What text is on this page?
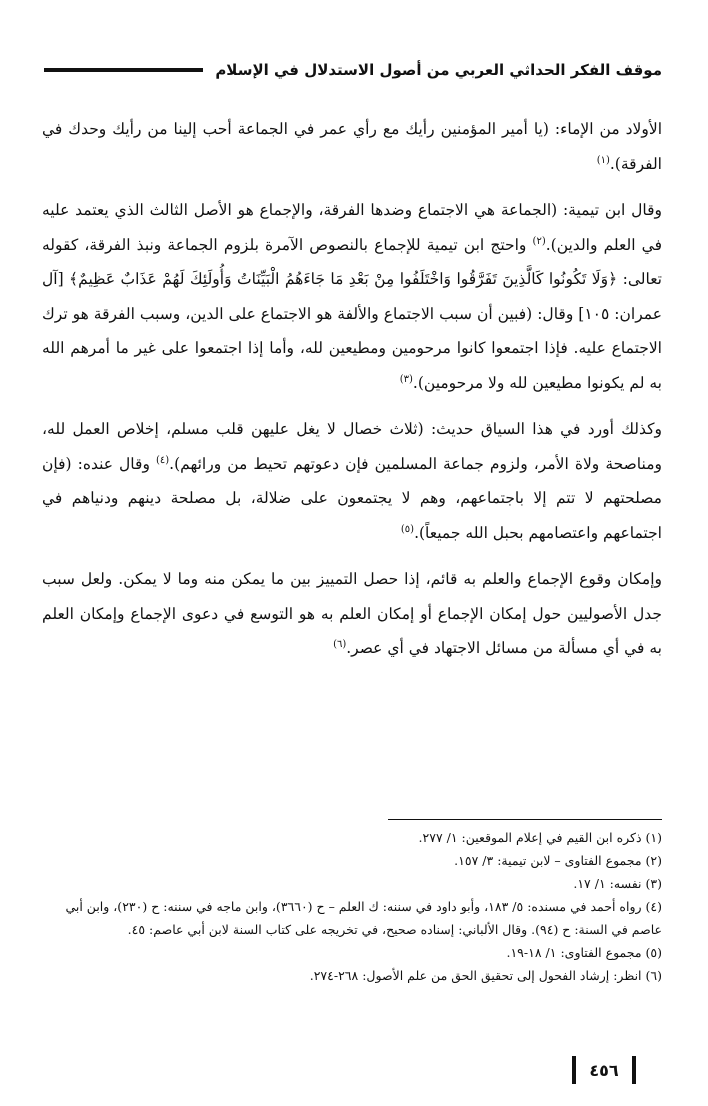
موقف الفكر الحداثي العربي من أصول الاستدلال في الإسلام

الأولاد من الإماء: (يا أمير المؤمنين رأيك مع رأي عمر في الجماعة أحب إلينا من رأيك وحدك في الفرقة).$^{(١)}$

وقال ابن تيمية: (الجماعة هي الاجتماع وضدها الفرقة، والإجماع هو الأصل الثالث الذي يعتمد عليه في العلم والدين).$^{(٢)}$ واحتج ابن تيمية للإجماع بالنصوص الآمرة بلزوم الجماعة ونبذ الفرقة، كقوله تعالى: ﴿وَلَا تَكُونُوا كَالَّذِينَ تَفَرَّقُوا وَاخْتَلَفُوا مِنْ بَعْدِ مَا جَاءَهُمُ الْبَيِّنَاتُ وَأُولَئِكَ لَهُمْ عَذَابٌ عَظِيمٌ﴾ [آل عمران: ١٠٥] وقال: (فبين أن سبب الاجتماع والألفة هو الاجتماع على الدين، وسبب الفرقة هو ترك الاجتماع عليه. فإذا اجتمعوا كانوا مرحومين ومطيعين لله، وأما إذا اجتمعوا على غير ما أمرهم الله به لم يكونوا مطيعين لله ولا مرحومين).$^{(٣)}$

وكذلك أورد في هذا السياق حديث: (ثلاث خصال لا يغل عليهن قلب مسلم، إخلاص العمل لله، ومناصحة ولاة الأمر، ولزوم جماعة المسلمين فإن دعوتهم تحيط من ورائهم).$^{(٤)}$ وقال عنده: (فإن مصلحتهم لا تتم إلا باجتماعهم، وهم لا يجتمعون على ضلالة، بل مصلحة دينهم ودنياهم في اجتماعهم واعتصامهم بحبل الله جميعاً).$^{(٥)}$

وإمكان وقوع الإجماع والعلم به قائم، إذا حصل التمييز بين ما يمكن منه وما لا يمكن. ولعل سبب جدل الأصوليين حول إمكان الإجماع أو إمكان العلم به هو التوسع في دعوى الإجماع وإمكان العلم به في أي مسألة من مسائل الاجتهاد في أي عصر.$^{(٦)}$

(١) ذكره ابن القيم في إعلام الموقعين: ١/ ٢٧٧.

(٢) مجموع الفتاوى – لابن تيمية: ٣/ ١٥٧.

(٣) نفسه: ١/ ١٧.

(٤) رواه أحمد في مسنده: ٥/ ١٨٣، وأبو داود في سننه: ك العلم – ح (٣٦٦٠)، وابن ماجه في سننه: ح (٢٣٠)، وابن أبي عاصم في السنة: ح (٩٤). وقال الألباني: إسناده صحيح، في تخريجه على كتاب السنة لابن أبي عاصم: ٤٥.

(٥) مجموع الفتاوى: ١/ ١٨-١٩.

(٦) انظر: إرشاد الفحول إلى تحقيق الحق من علم الأصول: ٢٦٨-٢٧٤.

٤٥٦
